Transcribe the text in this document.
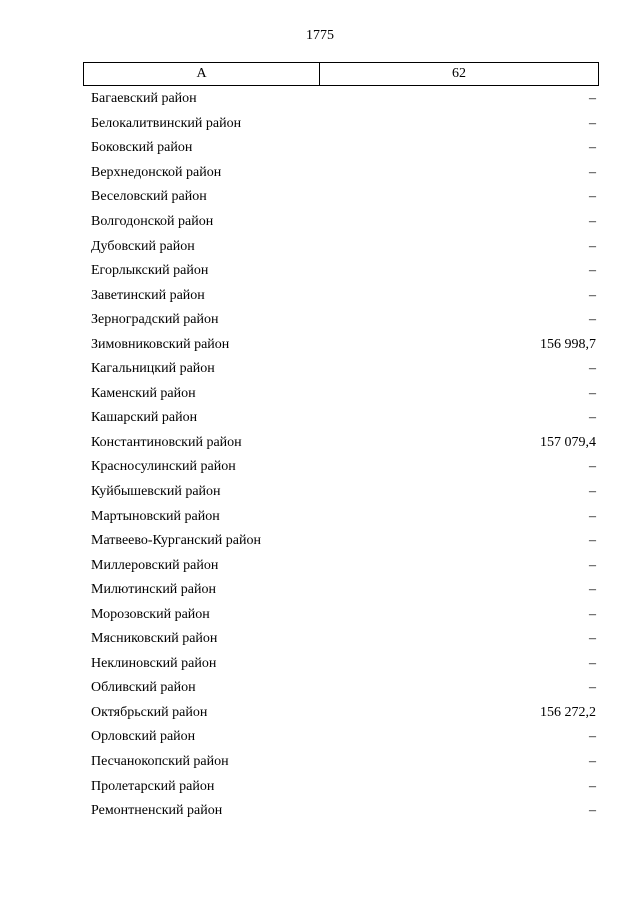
1775
А	62
Багаевский район	–
Белокалитвинский район	–
Боковский район	–
Верхнедонской район	–
Веселовский район	–
Волгодонской район	–
Дубовский район	–
Егорлыкский район	–
Заветинский район	–
Зерноградский район	–
Зимовниковский район	156 998,7
Кагальницкий район	–
Каменский район	–
Кашарский район	–
Константиновский район	157 079,4
Красносулинский район	–
Куйбышевский район	–
Мартыновский район	–
Матвеево-Курганский район	–
Миллеровский район	–
Милютинский район	–
Морозовский район	–
Мясниковский район	–
Неклиновский район	–
Обливский район	–
Октябрьский район	156 272,2
Орловский район	–
Песчанокопский район	–
Пролетарский район	–
Ремонтненский район	–
